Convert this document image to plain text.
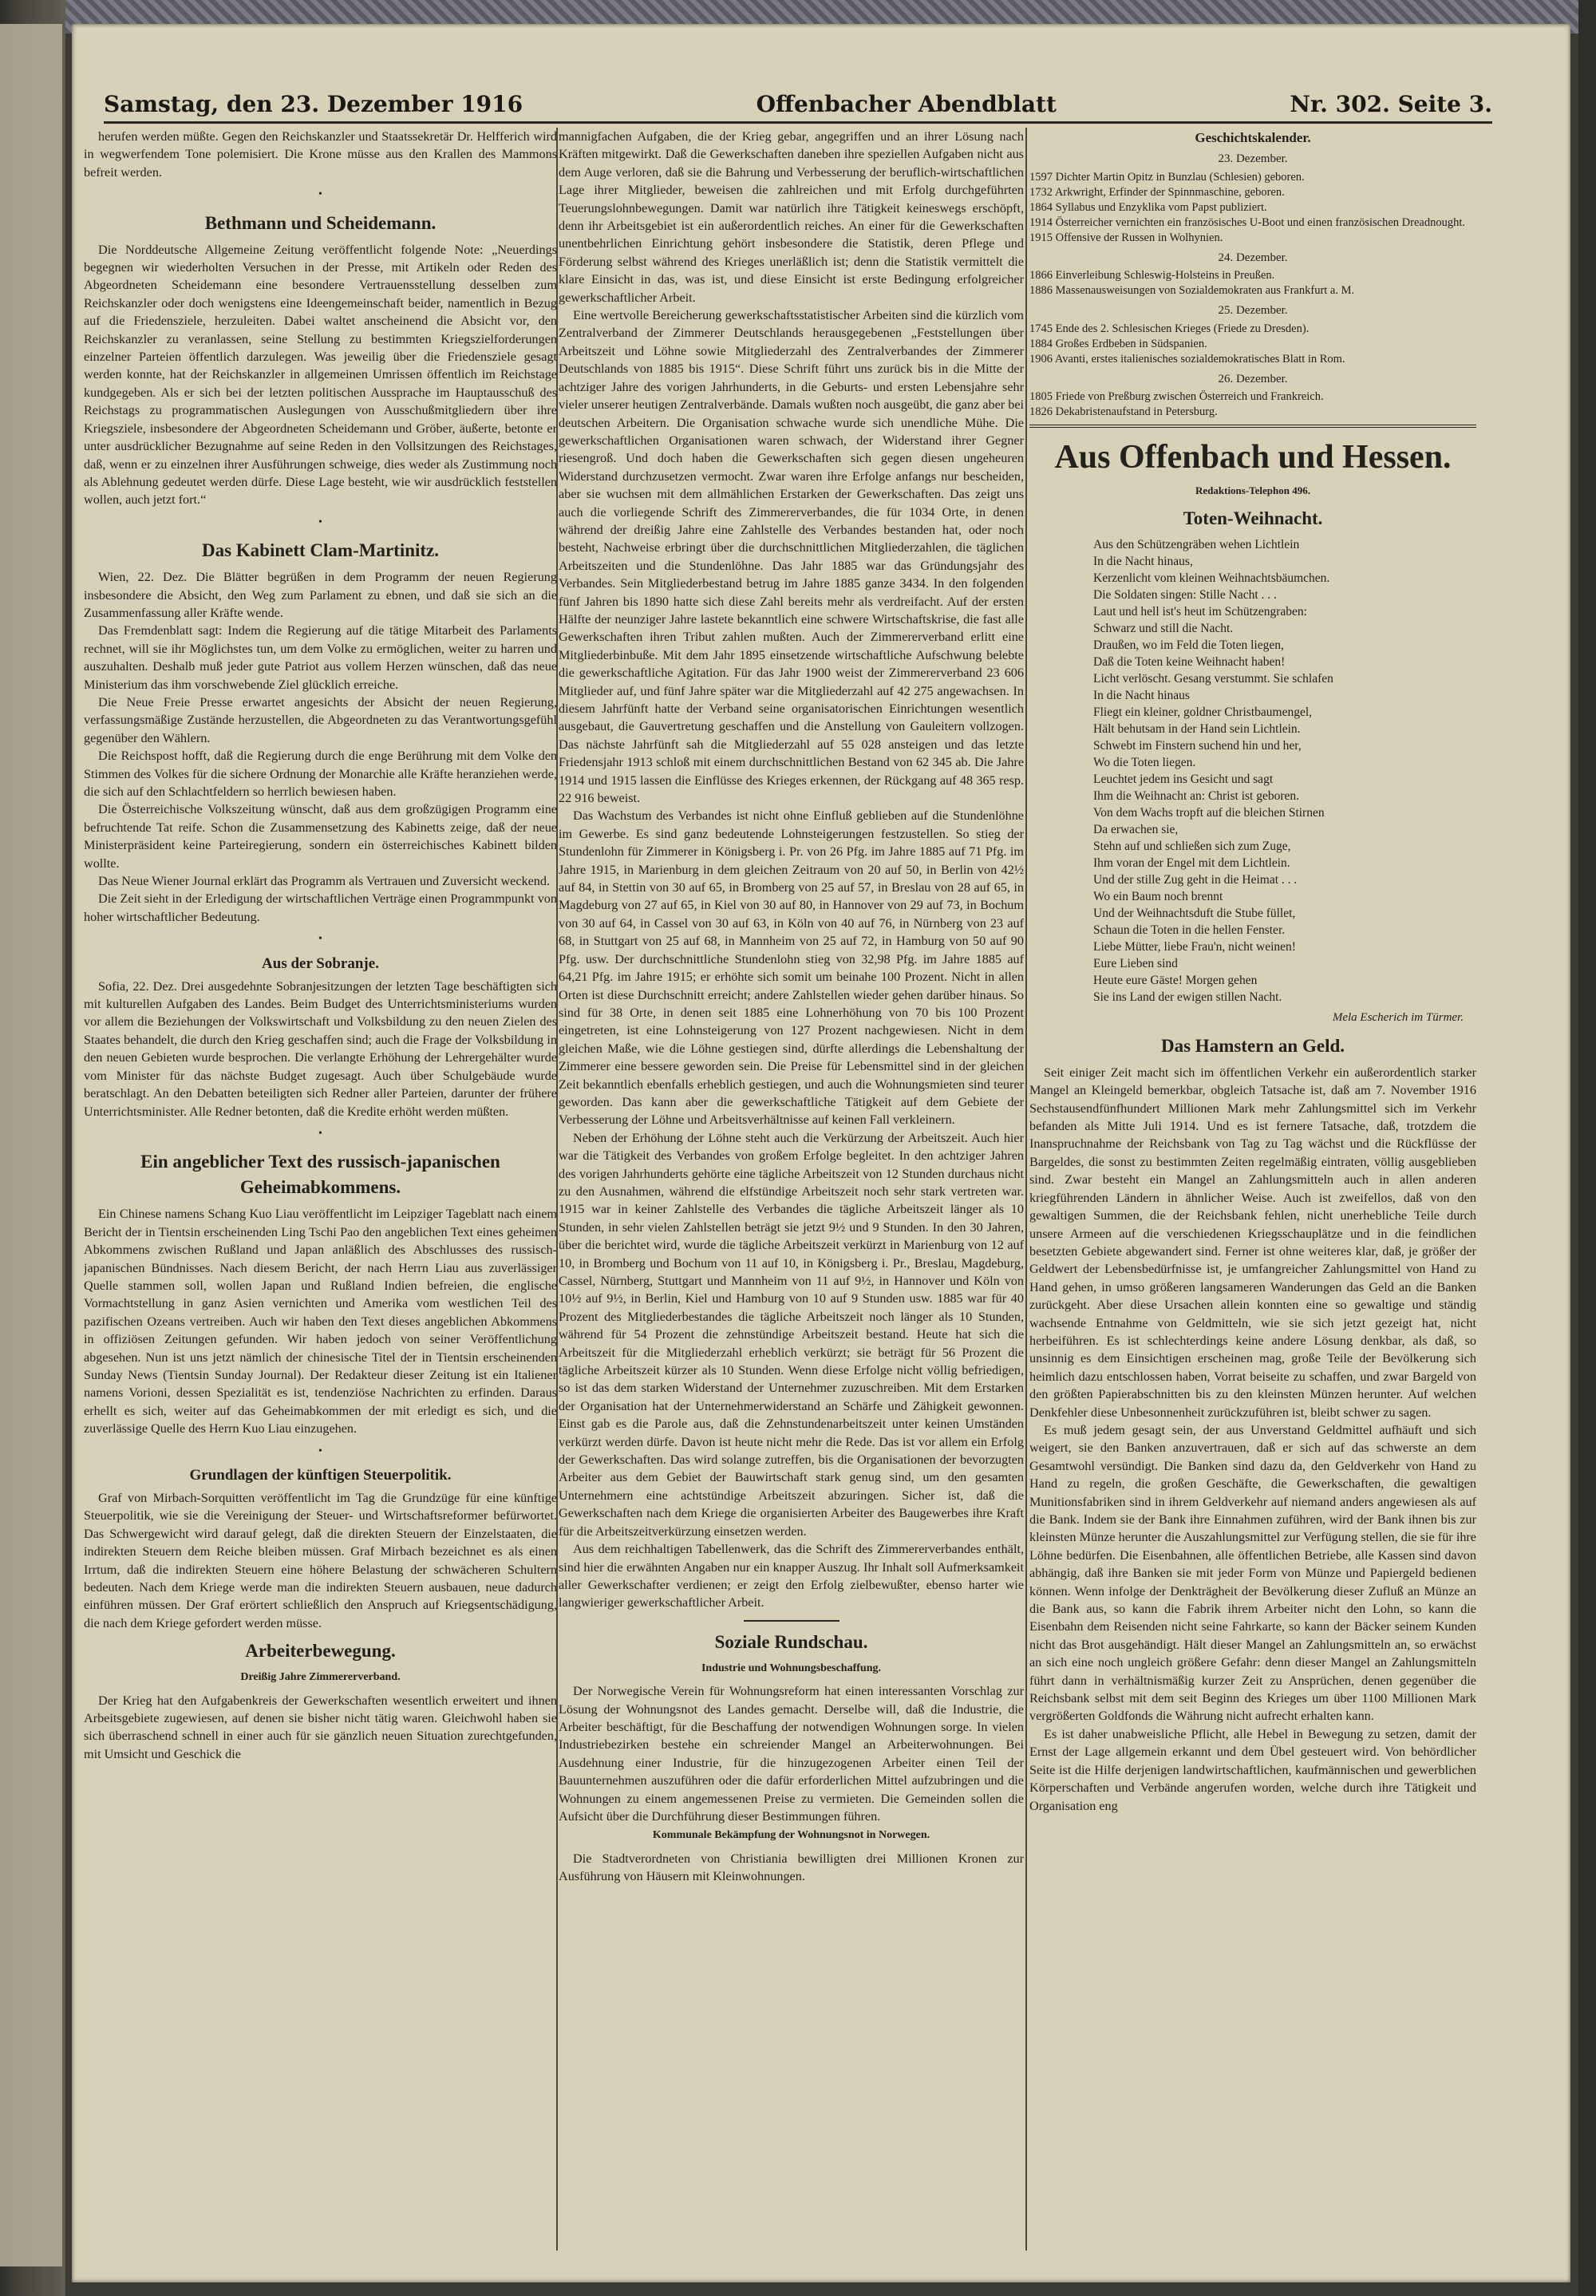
Samstag, den 23. Dezember 1916	Offenbacher Abendblatt	Nr. 302. Seite 3.

herufen werden müßte. Gegen den Reichskanzler und Staatssekretär Dr. Helfferich wird in wegwerfendem Tone polemisiert. Die Krone müsse aus den Krallen des Mammons befreit werden.

•
Bethmann und Scheidemann.

Die Norddeutsche Allgemeine Zeitung veröffentlicht folgende Note: „Neuerdings begegnen wir wiederholten Versuchen in der Presse, mit Artikeln oder Reden des Abgeordneten Scheidemann eine besondere Vertrauensstellung desselben zum Reichskanzler oder doch wenigstens eine Ideengemeinschaft beider, namentlich in Bezug auf die Friedensziele, herzuleiten. Dabei waltet anscheinend die Absicht vor, den Reichskanzler zu veranlassen, seine Stellung zu bestimmten Kriegszielforderungen einzelner Parteien öffentlich darzulegen. Was jeweilig über die Friedensziele gesagt werden konnte, hat der Reichskanzler in allgemeinen Umrissen öffentlich im Reichstage kundgegeben. Als er sich bei der letzten politischen Aussprache im Hauptausschuß des Reichstags zu programmatischen Auslegungen von Ausschußmitgliedern über ihre Kriegsziele, insbesondere der Abgeordneten Scheidemann und Gröber, äußerte, betonte er unter ausdrücklicher Bezugnahme auf seine Reden in den Vollsitzungen des Reichstages, daß, wenn er zu einzelnen ihrer Ausführungen schweige, dies weder als Zustimmung noch als Ablehnung gedeutet werden dürfe. Diese Lage besteht, wie wir ausdrücklich feststellen wollen, auch jetzt fort.“

•
Das Kabinett Clam-Martinitz.

Wien, 22. Dez. Die Blätter begrüßen in dem Programm der neuen Regierung insbesondere die Absicht, den Weg zum Parlament zu ebnen, und daß sie sich an die Zusammenfassung aller Kräfte wende.

Das Fremdenblatt sagt: Indem die Regierung auf die tätige Mitarbeit des Parlaments rechnet, will sie ihr Möglichstes tun, um dem Volke zu ermöglichen, weiter zu harren und auszuhalten. Deshalb muß jeder gute Patriot aus vollem Herzen wünschen, daß das neue Ministerium das ihm vorschwebende Ziel glücklich erreiche.

Die Neue Freie Presse erwartet angesichts der Absicht der neuen Regierung, verfassungsmäßige Zustände herzustellen, die Abgeordneten zu das Verantwortungsgefühl gegenüber den Wählern.

Die Reichspost hofft, daß die Regierung durch die enge Berührung mit dem Volke den Stimmen des Volkes für die sichere Ordnung der Monarchie alle Kräfte heranziehen werde, die sich auf den Schlachtfeldern so herrlich bewiesen haben.

Die Österreichische Volkszeitung wünscht, daß aus dem großzügigen Programm eine befruchtende Tat reife. Schon die Zusammensetzung des Kabinetts zeige, daß der neue Ministerpräsident keine Parteiregierung, sondern ein österreichisches Kabinett bilden wollte.

Das Neue Wiener Journal erklärt das Programm als Vertrauen und Zuversicht weckend.

Die Zeit sieht in der Erledigung der wirtschaftlichen Verträge einen Programmpunkt von hoher wirtschaftlicher Bedeutung.

•
Aus der Sobranje.

Sofia, 22. Dez. Drei ausgedehnte Sobranjesitzungen der letzten Tage beschäftigten sich mit kulturellen Aufgaben des Landes. Beim Budget des Unterrichtsministeriums wurden vor allem die Beziehungen der Volkswirtschaft und Volksbildung zu den neuen Zielen des Staates behandelt, die durch den Krieg geschaffen sind; auch die Frage der Volksbildung in den neuen Gebieten wurde besprochen. Die verlangte Erhöhung der Lehrergehälter wurde vom Minister für das nächste Budget zugesagt. Auch über Schulgebäude wurde beratschlagt. An den Debatten beteiligten sich Redner aller Parteien, darunter der frühere Unterrichtsminister. Alle Redner betonten, daß die Kredite erhöht werden müßten.

•
Ein angeblicher Text des russisch-japanischen Geheimabkommens.

Ein Chinese namens Schang Kuo Liau veröffentlicht im Leipziger Tageblatt nach einem Bericht der in Tientsin erscheinenden Ling Tschi Pao den angeblichen Text eines geheimen Abkommens zwischen Rußland und Japan anläßlich des Abschlusses des russisch-japanischen Bündnisses. Nach diesem Bericht, der nach Herrn Liau aus zuverlässiger Quelle stammen soll, wollen Japan und Rußland Indien befreien, die englische Vormachtstellung in ganz Asien vernichten und Amerika vom westlichen Teil des pazifischen Ozeans vertreiben. Auch wir haben den Text dieses angeblichen Abkommens in offiziösen Zeitungen gefunden. Wir haben jedoch von seiner Veröffentlichung abgesehen. Nun ist uns jetzt nämlich der chinesische Titel der in Tientsin erscheinenden Sunday News (Tientsin Sunday Journal). Der Redakteur dieser Zeitung ist ein Italiener namens Vorioni, dessen Spezialität es ist, tendenziöse Nachrichten zu erfinden. Daraus erhellt es sich, weiter auf das Geheimabkommen der mit erledigt es sich, und die zuverlässige Quelle des Herrn Kuo Liau einzugehen.

•
Grundlagen der künftigen Steuerpolitik.

Graf von Mirbach-Sorquitten veröffentlicht im Tag die Grundzüge für eine künftige Steuerpolitik, wie sie die Vereinigung der Steuer- und Wirtschaftsreformer befürwortet. Das Schwergewicht wird darauf gelegt, daß die direkten Steuern der Einzelstaaten, die indirekten Steuern dem Reiche bleiben müssen. Graf Mirbach bezeichnet es als einen Irrtum, daß die indirekten Steuern eine höhere Belastung der schwächeren Schultern bedeuten. Nach dem Kriege werde man die indirekten Steuern ausbauen, neue dadurch einführen müssen. Der Graf erörtert schließlich den Anspruch auf Kriegsentschädigung, die nach dem Kriege gefordert werden müsse.

Arbeiterbewegung.
Dreißig Jahre Zimmererverband.

Der Krieg hat den Aufgabenkreis der Gewerkschaften wesentlich erweitert und ihnen Arbeitsgebiete zugewiesen, auf denen sie bisher nicht tätig waren. Gleichwohl haben sie sich überraschend schnell in einer auch für sie gänzlich neuen Situation zurechtgefunden, mit Umsicht und Geschick die

mannigfachen Aufgaben, die der Krieg gebar, angegriffen und an ihrer Lösung nach Kräften mitgewirkt. Daß die Gewerkschaften daneben ihre speziellen Aufgaben nicht aus dem Auge verloren, daß sie die Bahrung und Verbesserung der beruflich-wirtschaftlichen Lage ihrer Mitglieder, beweisen die zahlreichen und mit Erfolg durchgeführten Teuerungslohnbewegungen. Damit war natürlich ihre Tätigkeit keineswegs erschöpft, denn ihr Arbeitsgebiet ist ein außerordentlich reiches. An einer für die Gewerkschaften unentbehrlichen Einrichtung gehört insbesondere die Statistik, deren Pflege und Förderung selbst während des Krieges unerläßlich ist; denn die Statistik vermittelt die klare Einsicht in das, was ist, und diese Einsicht ist erste Bedingung erfolgreicher gewerkschaftlicher Arbeit.

Eine wertvolle Bereicherung gewerkschaftsstatistischer Arbeiten sind die kürzlich vom Zentralverband der Zimmerer Deutschlands herausgegebenen „Feststellungen über Arbeitszeit und Löhne sowie Mitgliederzahl des Zentralverbandes der Zimmerer Deutschlands von 1885 bis 1915“. Diese Schrift führt uns zurück bis in die Mitte der achtziger Jahre des vorigen Jahrhunderts, in die Geburts- und ersten Lebensjahre sehr vieler unserer heutigen Zentralverbände. Damals wußten noch ausgeübt, die ganz aber bei deutschen Arbeitern. Die Organisation schwache wurde sich unendliche Mühe. Die gewerkschaftlichen Organisationen waren schwach, der Widerstand ihrer Gegner riesengroß. Und doch haben die Gewerkschaften sich gegen diesen ungeheuren Widerstand durchzusetzen vermocht. Zwar waren ihre Erfolge anfangs nur bescheiden, aber sie wuchsen mit dem allmählichen Erstarken der Gewerkschaften. Das zeigt uns auch die vorliegende Schrift des Zimmererverbandes, die für 1034 Orte, in denen während der dreißig Jahre eine Zahlstelle des Verbandes bestanden hat, oder noch besteht, Nachweise erbringt über die durchschnittlichen Mitgliederzahlen, die täglichen Arbeitszeiten und die Stundenlöhne. Das Jahr 1885 war das Gründungsjahr des Verbandes. Sein Mitgliederbestand betrug im Jahre 1885 ganze 3434. In den folgenden fünf Jahren bis 1890 hatte sich diese Zahl bereits mehr als verdreifacht. Auf der ersten Hälfte der neunziger Jahre lastete bekanntlich eine schwere Wirtschaftskrise, die fast alle Gewerkschaften ihren Tribut zahlen mußten. Auch der Zimmererverband erlitt eine Mitgliederbinbuße. Mit dem Jahr 1895 einsetzende wirtschaftliche Aufschwung belebte die gewerkschaftliche Agitation. Für das Jahr 1900 weist der Zimmererverband 23 606 Mitglieder auf, und fünf Jahre später war die Mitgliederzahl auf 42 275 angewachsen. In diesem Jahrfünft hatte der Verband seine organisatorischen Einrichtungen wesentlich ausgebaut, die Gauvertretung geschaffen und die Anstellung von Gauleitern vollzogen. Das nächste Jahrfünft sah die Mitgliederzahl auf 55 028 ansteigen und das letzte Friedensjahr 1913 schloß mit einem durchschnittlichen Bestand von 62 345 ab. Die Jahre 1914 und 1915 lassen die Einflüsse des Krieges erkennen, der Rückgang auf 48 365 resp. 22 916 beweist.

Das Wachstum des Verbandes ist nicht ohne Einfluß geblieben auf die Stundenlöhne im Gewerbe. Es sind ganz bedeutende Lohnsteigerungen festzustellen. So stieg der Stundenlohn für Zimmerer in Königsberg i. Pr. von 26 Pfg. im Jahre 1885 auf 71 Pfg. im Jahre 1915, in Marienburg in dem gleichen Zeitraum von 20 auf 50, in Berlin von 42½ auf 84, in Stettin von 30 auf 65, in Bromberg von 25 auf 57, in Breslau von 28 auf 65, in Magdeburg von 27 auf 65, in Kiel von 30 auf 80, in Hannover von 29 auf 73, in Bochum von 30 auf 64, in Cassel von 30 auf 63, in Köln von 40 auf 76, in Nürnberg von 23 auf 68, in Stuttgart von 25 auf 68, in Mannheim von 25 auf 72, in Hamburg von 50 auf 90 Pfg. usw. Der durchschnittliche Stundenlohn stieg von 32,98 Pfg. im Jahre 1885 auf 64,21 Pfg. im Jahre 1915; er erhöhte sich somit um beinahe 100 Prozent. Nicht in allen Orten ist diese Durchschnitt erreicht; andere Zahlstellen wieder gehen darüber hinaus. So sind für 38 Orte, in denen seit 1885 eine Lohnerhöhung von 70 bis 100 Prozent eingetreten, ist eine Lohnsteigerung von 127 Prozent nachgewiesen. Nicht in dem gleichen Maße, wie die Löhne gestiegen sind, dürfte allerdings die Lebenshaltung der Zimmerer eine bessere geworden sein. Die Preise für Lebensmittel sind in der gleichen Zeit bekanntlich ebenfalls erheblich gestiegen, und auch die Wohnungsmieten sind teurer geworden. Das kann aber die gewerkschaftliche Tätigkeit auf dem Gebiete der Verbesserung der Löhne und Arbeitsverhältnisse auf keinen Fall verkleinern.

Neben der Erhöhung der Löhne steht auch die Verkürzung der Arbeitszeit. Auch hier war die Tätigkeit des Verbandes von großem Erfolge begleitet. In den achtziger Jahren des vorigen Jahrhunderts gehörte eine tägliche Arbeitszeit von 12 Stunden durchaus nicht zu den Ausnahmen, während die elfstündige Arbeitszeit noch sehr stark vertreten war. 1915 war in keiner Zahlstelle des Verbandes die tägliche Arbeitszeit länger als 10 Stunden, in sehr vielen Zahlstellen beträgt sie jetzt 9½ und 9 Stunden. In den 30 Jahren, über die berichtet wird, wurde die tägliche Arbeitszeit verkürzt in Marienburg von 12 auf 10, in Bromberg und Bochum von 11 auf 10, in Königsberg i. Pr., Breslau, Magdeburg, Cassel, Nürnberg, Stuttgart und Mannheim von 11 auf 9½, in Hannover und Köln von 10½ auf 9½, in Berlin, Kiel und Hamburg von 10 auf 9 Stunden usw. 1885 war für 40 Prozent des Mitgliederbestandes die tägliche Arbeitszeit noch länger als 10 Stunden, während für 54 Prozent die zehnstündige Arbeitszeit bestand. Heute hat sich die Arbeitszeit für die Mitgliederzahl erheblich verkürzt; sie beträgt für 56 Prozent die tägliche Arbeitszeit kürzer als 10 Stunden. Wenn diese Erfolge nicht völlig befriedigen, so ist das dem starken Widerstand der Unternehmer zuzuschreiben. Mit dem Erstarken der Organisation hat der Unternehmerwiderstand an Schärfe und Zähigkeit gewonnen. Einst gab es die Parole aus, daß die Zehnstundenarbeitszeit unter keinen Umständen verkürzt werden dürfe. Davon ist heute nicht mehr die Rede. Das ist vor allem ein Erfolg der Gewerkschaften. Das wird solange zutreffen, bis die Organisationen der bevorzugten Arbeiter aus dem Gebiet der Bauwirtschaft stark genug sind, um den gesamten Unternehmern eine achtstündige Arbeitszeit abzuringen. Sicher ist, daß die Gewerkschaften nach dem Kriege die organisierten Arbeiter des Baugewerbes ihre Kraft für die Arbeitszeitverkürzung einsetzen werden.

Aus dem reichhaltigen Tabellenwerk, das die Schrift des Zimmererverbandes enthält, sind hier die erwähnten Angaben nur ein knapper Auszug. Ihr Inhalt soll Aufmerksamkeit aller Gewerkschafter verdienen; er zeigt den Erfolg zielbewußter, ebenso harter wie langwieriger gewerkschaftlicher Arbeit.

Soziale Rundschau.
Industrie und Wohnungsbeschaffung.

Der Norwegische Verein für Wohnungsreform hat einen interessanten Vorschlag zur Lösung der Wohnungsnot des Landes gemacht. Derselbe will, daß die Industrie, die Arbeiter beschäftigt, für die Beschaffung der notwendigen Wohnungen sorge. In vielen Industriebezirken bestehe ein schreiender Mangel an Arbeiterwohnungen. Bei Ausdehnung einer Industrie, für die hinzugezogenen Arbeiter einen Teil der Bauunternehmen auszuführen oder die dafür erforderlichen Mittel aufzubringen und die Wohnungen zu einem angemessenen Preise zu vermieten. Die Gemeinden sollen die Aufsicht über die Durchführung dieser Bestimmungen führen.

Kommunale Bekämpfung der Wohnungsnot in Norwegen.

Die Stadtverordneten von Christiania bewilligten drei Millionen Kronen zur Ausführung von Häusern mit Kleinwohnungen.

Geschichtskalender.
23. Dezember.
1597 Dichter Martin Opitz in Bunzlau (Schlesien) geboren.
1732 Arkwright, Erfinder der Spinnmaschine, geboren.
1864 Syllabus und Enzyklika vom Papst publiziert.
1914 Österreicher vernichten ein französisches U-Boot und einen französischen Dreadnought.
1915 Offensive der Russen in Wolhynien.
24. Dezember.
1866 Einverleibung Schleswig-Holsteins in Preußen.
1886 Massenausweisungen von Sozialdemokraten aus Frankfurt a. M.
25. Dezember.
1745 Ende des 2. Schlesischen Krieges (Friede zu Dresden).
1884 Großes Erdbeben in Südspanien.
1906 Avanti, erstes italienisches sozialdemokratisches Blatt in Rom.
26. Dezember.
1805 Friede von Preßburg zwischen Österreich und Frankreich.
1826 Dekabristenaufstand in Petersburg.
Aus Offenbach und Hessen.
Redaktions-Telephon 496.
Toten-Weihnacht.
Aus den Schützengräben wehen Lichtlein
In die Nacht hinaus,
Kerzenlicht vom kleinen Weihnachtsbäumchen.
Die Soldaten singen: Stille Nacht . . .
Laut und hell ist's heut im Schützengraben:
Schwarz und still die Nacht.
Draußen, wo im Feld die Toten liegen,
Daß die Toten keine Weihnacht haben!
Licht verlöscht. Gesang verstummt. Sie schlafen
In die Nacht hinaus
Fliegt ein kleiner, goldner Christbaumengel,
Hält behutsam in der Hand sein Lichtlein.
Schwebt im Finstern suchend hin und her,
Wo die Toten liegen.
Leuchtet jedem ins Gesicht und sagt
Ihm die Weihnacht an: Christ ist geboren.
Von dem Wachs tropft auf die bleichen Stirnen
Da erwachen sie,
Stehn auf und schließen sich zum Zuge,
Ihm voran der Engel mit dem Lichtlein.
Und der stille Zug geht in die Heimat . . .
Wo ein Baum noch brennt
Und der Weihnachtsduft die Stube füllet,
Schaun die Toten in die hellen Fenster.
Liebe Mütter, liebe Frau'n, nicht weinen!
Eure Lieben sind
Heute eure Gäste! Morgen gehen
Sie ins Land der ewigen stillen Nacht.
Mela Escherich im Türmer.
Das Hamstern an Geld.

Seit einiger Zeit macht sich im öffentlichen Verkehr ein außerordentlich starker Mangel an Kleingeld bemerkbar, obgleich Tatsache ist, daß am 7. November 1916 Sechstausendfünfhundert Millionen Mark mehr Zahlungsmittel sich im Verkehr befanden als Mitte Juli 1914. Und es ist fernere Tatsache, daß, trotzdem die Inanspruchnahme der Reichsbank von Tag zu Tag wächst und die Rückflüsse der Bargeldes, die sonst zu bestimmten Zeiten regelmäßig eintraten, völlig ausgeblieben sind. Zwar besteht ein Mangel an Zahlungsmitteln auch in allen anderen kriegführenden Ländern in ähnlicher Weise. Auch ist zweifellos, daß von den gewaltigen Summen, die der Reichsbank fehlen, nicht unerhebliche Teile durch unsere Armeen auf die verschiedenen Kriegsschauplätze und in die feindlichen besetzten Gebiete abgewandert sind. Ferner ist ohne weiteres klar, daß, je größer der Geldwert der Lebensbedürfnisse ist, je umfangreicher Zahlungsmittel von Hand zu Hand gehen, in umso größeren langsameren Wanderungen das Geld an die Banken zurückgeht. Aber diese Ursachen allein konnten eine so gewaltige und ständig wachsende Entnahme von Geldmitteln, wie sie sich jetzt gezeigt hat, nicht herbeiführen. Es ist schlechterdings keine andere Lösung denkbar, als daß, so unsinnig es dem Einsichtigen erscheinen mag, große Teile der Bevölkerung sich heimlich dazu entschlossen haben, Vorrat beiseite zu schaffen, und zwar Bargeld von den größten Papierabschnitten bis zu den kleinsten Münzen herunter. Auf welchen Denkfehler diese Unbesonnenheit zurückzuführen ist, bleibt schwer zu sagen.

Es muß jedem gesagt sein, der aus Unverstand Geldmittel aufhäuft und sich weigert, sie den Banken anzuvertrauen, daß er sich auf das schwerste an dem Gesamtwohl versündigt. Die Banken sind dazu da, den Geldverkehr von Hand zu Hand zu regeln, die großen Geschäfte, die Gewerkschaften, die gewaltigen Munitionsfabriken sind in ihrem Geldverkehr auf niemand anders angewiesen als auf die Bank. Indem sie der Bank ihre Einnahmen zuführen, wird der Bank ihnen bis zur kleinsten Münze herunter die Auszahlungsmittel zur Verfügung stellen, die sie für ihre Löhne bedürfen. Die Eisenbahnen, alle öffentlichen Betriebe, alle Kassen sind davon abhängig, daß ihre Banken sie mit jeder Form von Münze und Papiergeld bedienen können. Wenn infolge der Denkträgheit der Bevölkerung dieser Zufluß an Münze an die Bank aus, so kann die Fabrik ihrem Arbeiter nicht den Lohn, so kann die Eisenbahn dem Reisenden nicht seine Fahrkarte, so kann der Bäcker seinem Kunden nicht das Brot ausgehändigt. Hält dieser Mangel an Zahlungsmitteln an, so erwächst an sich eine noch ungleich größere Gefahr: denn dieser Mangel an Zahlungsmitteln führt dann in verhältnismäßig kurzer Zeit zu Ansprüchen, denen gegenüber die Reichsbank selbst mit dem seit Beginn des Krieges um über 1100 Millionen Mark vergrößerten Goldfonds die Währung nicht aufrecht erhalten kann.

Es ist daher unabweisliche Pflicht, alle Hebel in Bewegung zu setzen, damit der Ernst der Lage allgemein erkannt und dem Übel gesteuert wird. Von behördlicher Seite ist die Hilfe derjenigen landwirtschaftlichen, kaufmännischen und gewerblichen Körperschaften und Verbände angerufen worden, welche durch ihre Tätigkeit und Organisation eng
